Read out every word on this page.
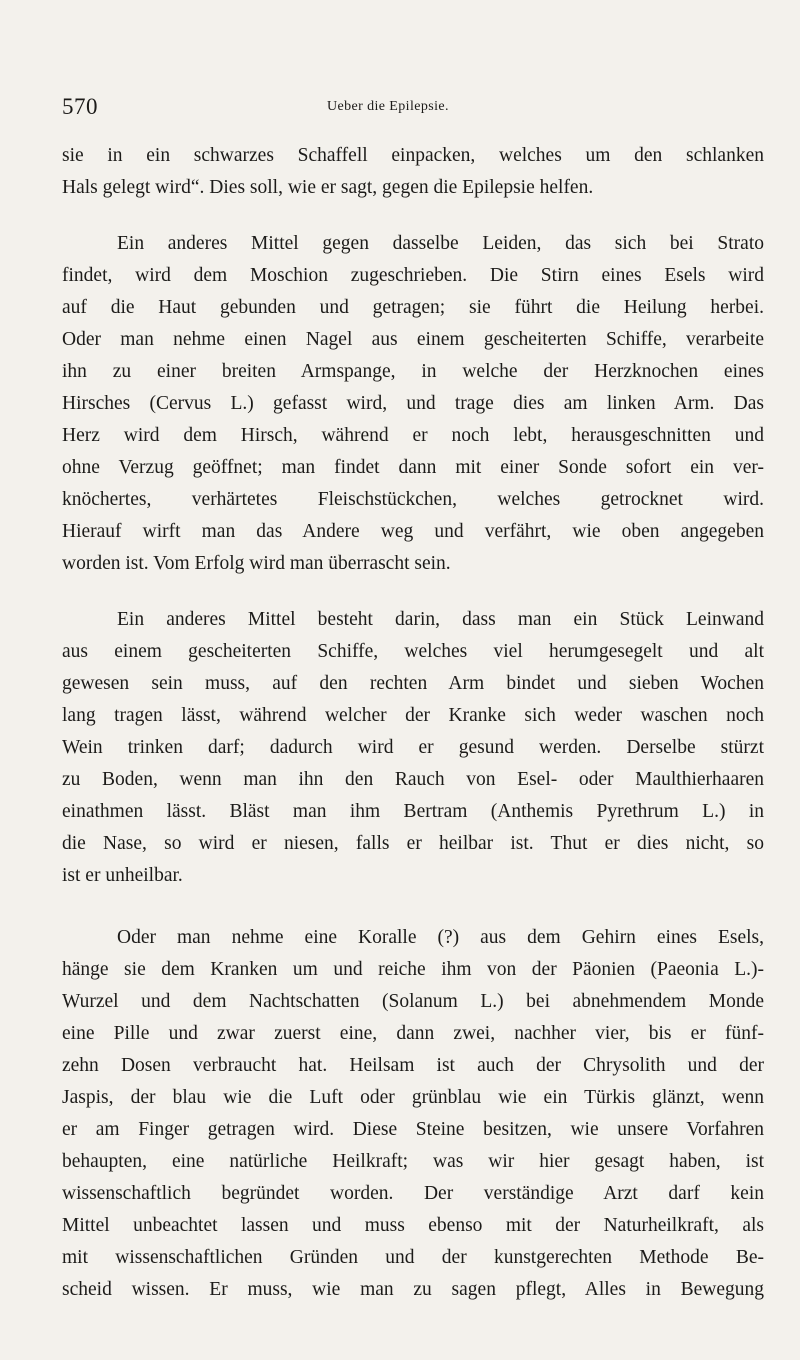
570	Ueber die Epilepsie.
sie in ein schwarzes Schaffell einpacken, welches um den schlanken
Hals gelegt wird“. Dies soll, wie er sagt, gegen die Epilepsie helfen.
Ein anderes Mittel gegen dasselbe Leiden, das sich bei Strato
findet, wird dem Moschion zugeschrieben. Die Stirn eines Esels wird
auf die Haut gebunden und getragen; sie führt die Heilung herbei.
Oder man nehme einen Nagel aus einem gescheiterten Schiffe, verarbeite
ihn zu einer breiten Armspange, in welche der Herzknochen eines
Hirsches (Cervus L.) gefasst wird, und trage dies am linken Arm. Das
Herz wird dem Hirsch, während er noch lebt, herausgeschnitten und
ohne Verzug geöffnet; man findet dann mit einer Sonde sofort ein ver-
knöchertes, verhärtetes Fleischstückchen, welches getrocknet wird.
Hierauf wirft man das Andere weg und verfährt, wie oben angegeben
worden ist. Vom Erfolg wird man überrascht sein.
Ein anderes Mittel besteht darin, dass man ein Stück Leinwand
aus einem gescheiterten Schiffe, welches viel herumgesegelt und alt
gewesen sein muss, auf den rechten Arm bindet und sieben Wochen
lang tragen lässt, während welcher der Kranke sich weder waschen noch
Wein trinken darf; dadurch wird er gesund werden. Derselbe stürzt
zu Boden, wenn man ihn den Rauch von Esel- oder Maulthierhaaren
einathmen lässt. Bläst man ihm Bertram (Anthemis Pyrethrum L.) in
die Nase, so wird er niesen, falls er heilbar ist. Thut er dies nicht, so
ist er unheilbar.
Oder man nehme eine Koralle (?) aus dem Gehirn eines Esels,
hänge sie dem Kranken um und reiche ihm von der Päonien (Paeonia L.)-
Wurzel und dem Nachtschatten (Solanum L.) bei abnehmendem Monde
eine Pille und zwar zuerst eine, dann zwei, nachher vier, bis er fünf-
zehn Dosen verbraucht hat. Heilsam ist auch der Chrysolith und der
Jaspis, der blau wie die Luft oder grünblau wie ein Türkis glänzt, wenn
er am Finger getragen wird. Diese Steine besitzen, wie unsere Vorfahren
behaupten, eine natürliche Heilkraft; was wir hier gesagt haben, ist
wissenschaftlich begründet worden. Der verständige Arzt darf kein
Mittel unbeachtet lassen und muss ebenso mit der Naturheilkraft, als
mit wissenschaftlichen Gründen und der kunstgerechten Methode Be-
scheid wissen. Er muss, wie man zu sagen pflegt, Alles in Bewegung
